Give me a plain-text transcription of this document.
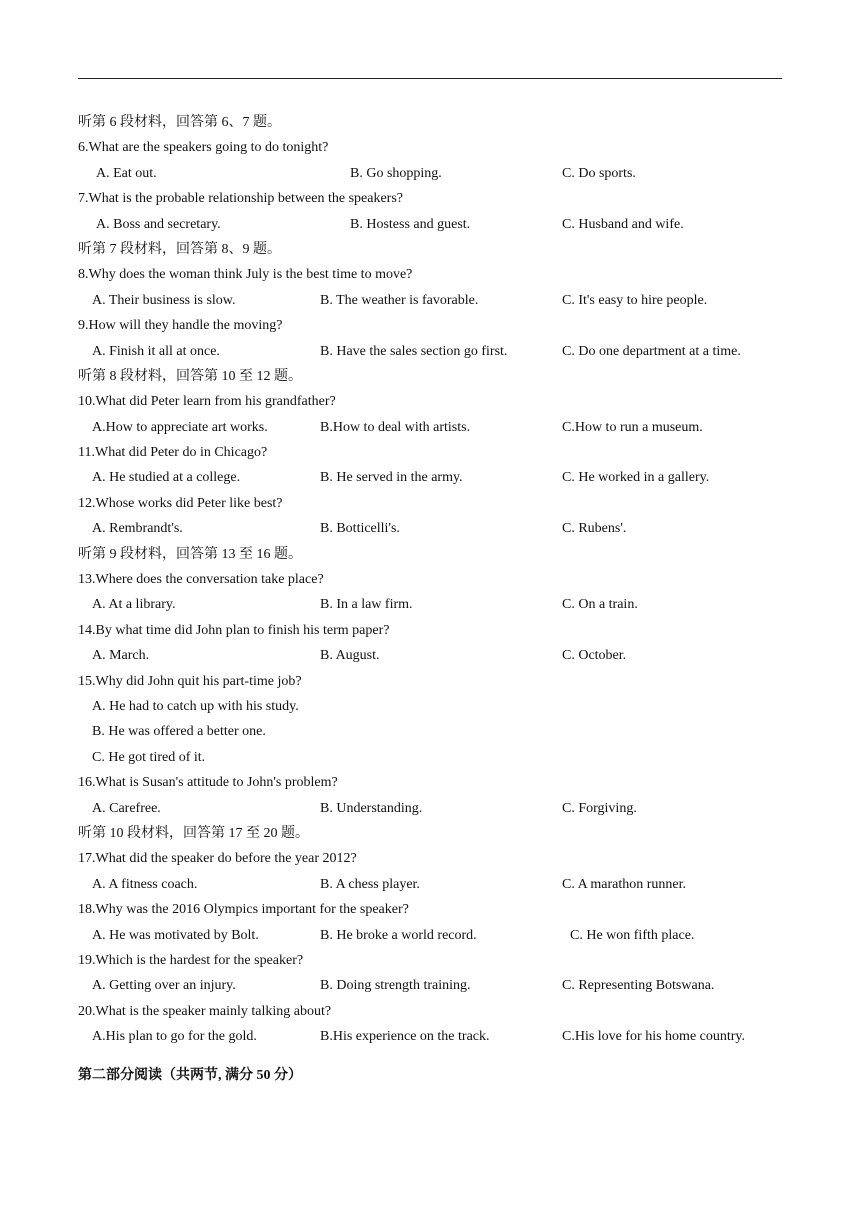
听第 6 段材料，回答第 6、7 题。
6.What are the speakers going to do tonight?
A. Eat out.	B. Go shopping.	C. Do sports.
7.What is the probable relationship between the speakers?
A. Boss and secretary.	B. Hostess and guest.	C. Husband and wife.
听第 7 段材料，回答第 8、9 题。
8.Why does the woman think July is the best time to move?
A. Their business is slow.	B. The weather is favorable.	C. It's easy to hire people.
9.How will they handle the moving?
A. Finish it all at once.	B. Have the sales section go first.	C. Do one department at a time.
听第 8 段材料，回答第 10 至 12 题。
10.What did Peter learn from his grandfather?
A.How to appreciate art works.	B.How to deal with artists.	C.How to run a museum.
11.What did Peter do in Chicago?
A. He studied at a college.	B. He served in the army.	C. He worked in a gallery.
12.Whose works did Peter like best?
A. Rembrandt's.	B. Botticelli's.	C. Rubens'.
听第 9 段材料，回答第 13 至 16 题。
13.Where does the conversation take place?
A. At a library.	B. In a law firm.	C. On a train.
14.By what time did John plan to finish his term paper?
A. March.	B. August.	C. October.
15.Why did John quit his part-time job?
A. He had to catch up with his study.
B. He was offered a better one.
C. He got tired of it.
16.What is Susan's attitude to John's problem?
A. Carefree.	B. Understanding.	C. Forgiving.
听第 10 段材料，回答第 17 至 20 题。
17.What did the speaker do before the year 2012?
A. A fitness coach.	B. A chess player.	C. A marathon runner.
18.Why was the 2016 Olympics important for the speaker?
A. He was motivated by Bolt.	B. He broke a world record.	C. He won fifth place.
19.Which is the hardest for the speaker?
A. Getting over an injury.	B. Doing strength training.	C. Representing Botswana.
20.What is the speaker mainly talking about?
A.His plan to go for the gold.	B.His experience on the track.	C.His love for his home country.
第二部分阅读（共两节, 满分 50 分）
